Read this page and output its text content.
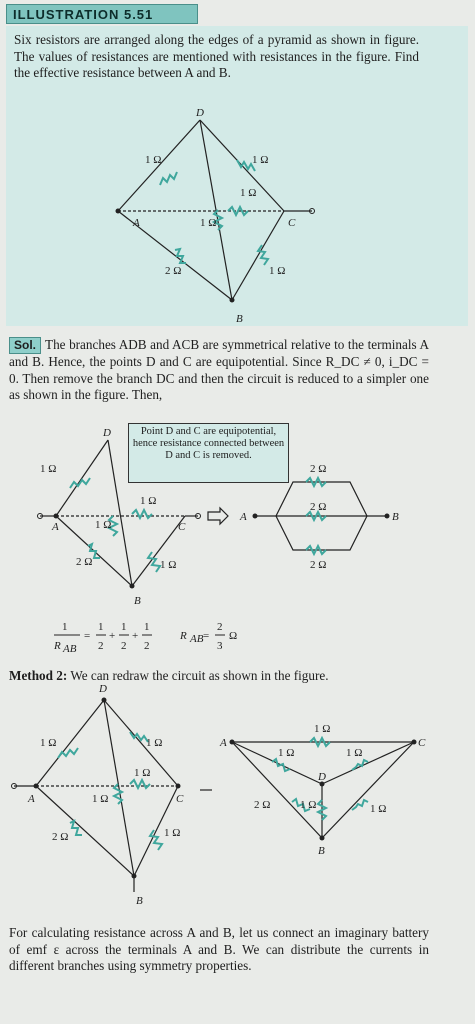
ILLUSTRATION 5.51
Six resistors are arranged along the edges of a pyramid as shown in figure. The values of resistances are mentioned with resistances in the figure. Find the effective resistance between A and B.
A
B
C
D
1 Ω	1 Ω
1 Ω
1 Ω
2 Ω	1 Ω
Sol. The branches ADB and ACB are symmetrical relative to the terminals A and B. Hence, the points D and C are equipotential. Since R_DC ≠ 0, i_DC = 0. Then remove the branch DC and then the circuit is reduced to a simpler one as shown in the figure. Then,
Point D and C are equipotential, hence resistance connected between D and C is removed.
A
B
C
D
A	B
1 Ω
1 Ω
1 Ω
2 Ω	1 Ω
2 Ω
2 Ω
2 Ω
1
R AB
=
1
2
+
1
2
+
1
2
R AB =
2
3
Ω
Method 2: We can redraw the circuit as shown in the figure.
D
A	C
B
1 Ω	1 Ω
1 Ω
1 Ω
2 Ω	1 Ω
A	C
D
B
1 Ω
1 Ω	1 Ω
2 Ω	1 Ω	1 Ω
For calculating resistance across A and B, let us connect an imaginary battery of emf ε across the terminals A and B. We can distribute the currents in different branches using symmetry properties.
